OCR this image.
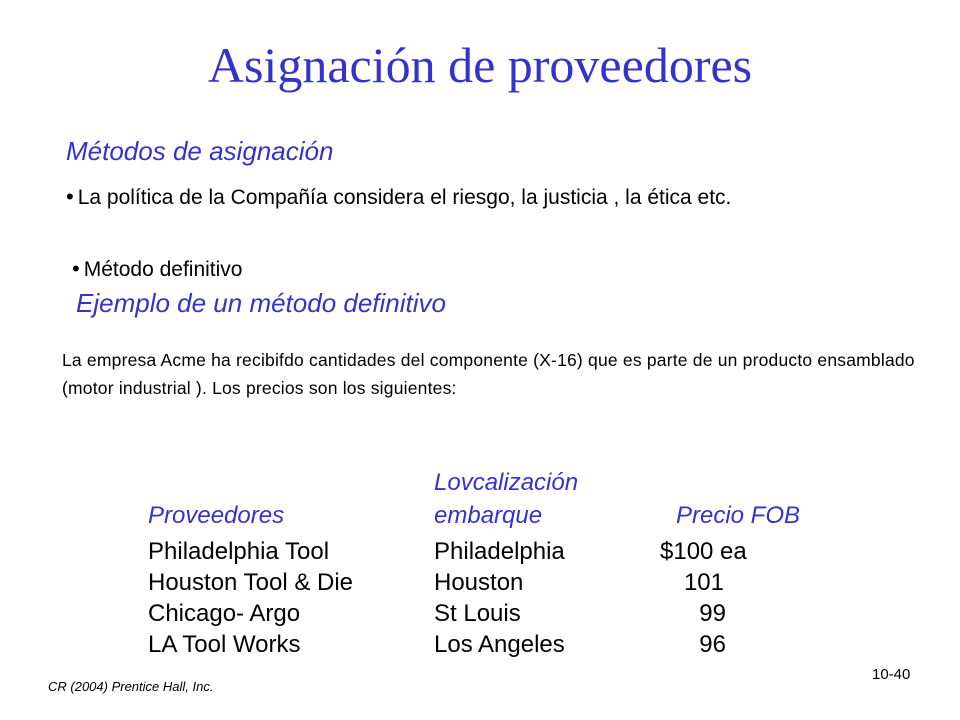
Asignación de proveedores
Métodos de asignación
• La política de la Compañía considera el riesgo, la justicia , la ética etc.
• Método definitivo
Ejemplo de un método definitivo
La empresa Acme ha recibifdo cantidades del componente (X-16) que es parte de un producto ensamblado (motor industrial ). Los precios son los siguientes:
Lovcalización
Proveedores	embarque	Precio FOB
Philadelphia Tool	Philadelphia	$100 ea
Houston Tool & Die	Houston	101
Chicago- Argo	St Louis	99
LA Tool Works	Los Angeles	96
CR (2004) Prentice Hall, Inc.
10-40
